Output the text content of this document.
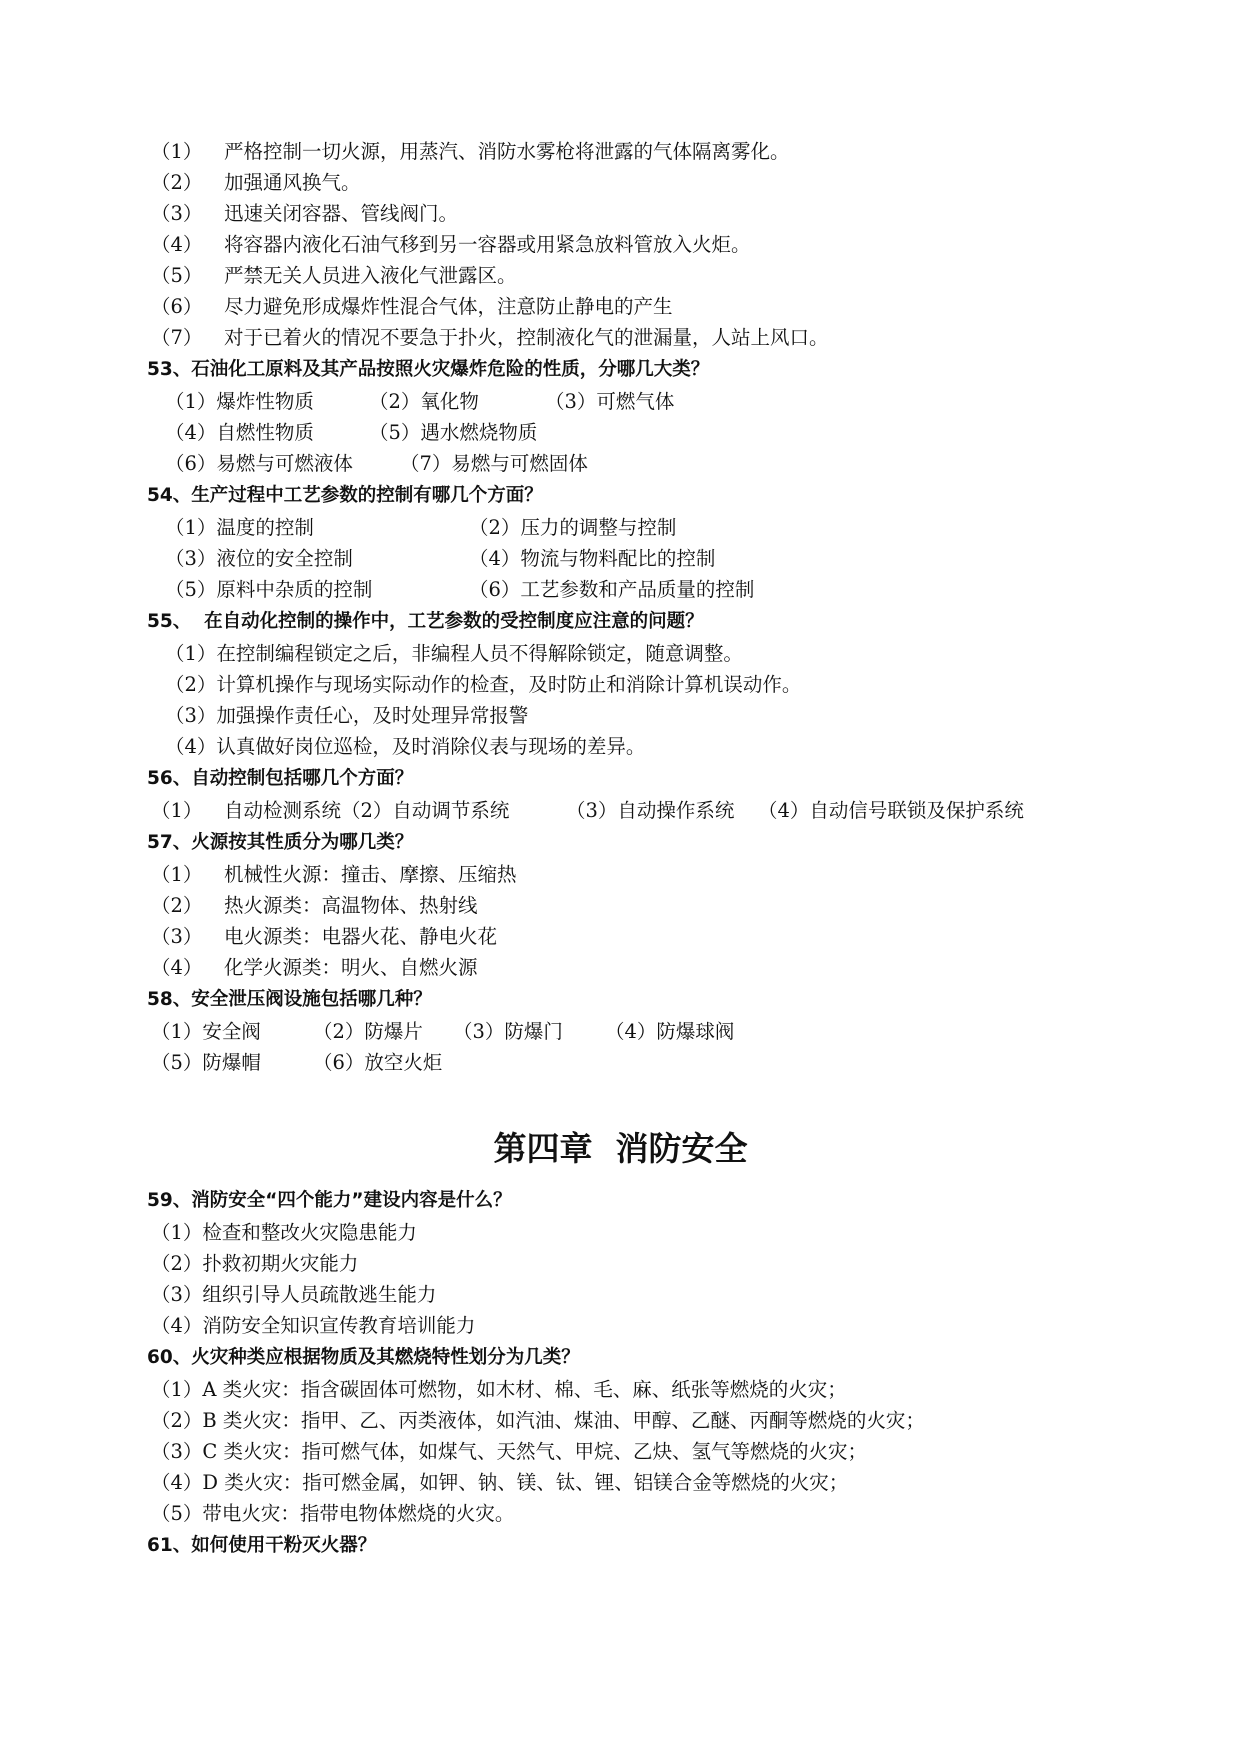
（1） 严格控制一切火源，用蒸汽、消防水雾枪将泄露的气体隔离雾化。
（2） 加强通风换气。
（3） 迅速关闭容器、管线阀门。
（4） 将容器内液化石油气移到另一容器或用紧急放料管放入火炬。
（5） 严禁无关人员进入液化气泄露区。
（6） 尽力避免形成爆炸性混合气体，注意防止静电的产生
（7） 对于已着火的情况不要急于扑火，控制液化气的泄漏量，人站上风口。
53、石油化工原料及其产品按照火灾爆炸危险的性质，分哪几大类？
（1）爆炸性物质	（2）氧化物	（3）可燃气体
（4）自燃性物质	（5）遇水燃烧物质
（6）易燃与可燃液体 （7）易燃与可燃固体
54、生产过程中工艺参数的控制有哪几个方面？
（1）温度的控制	（2）压力的调整与控制
（3）液位的安全控制	（4）物流与物料配比的控制
（5）原料中杂质的控制	（6）工艺参数和产品质量的控制
55、  在自动化控制的操作中，工艺参数的受控制度应注意的问题？
（1）在控制编程锁定之后，非编程人员不得解除锁定，随意调整。
（2）计算机操作与现场实际动作的检查，及时防止和消除计算机误动作。
（3）加强操作责任心，及时处理异常报警
（4）认真做好岗位巡检，及时消除仪表与现场的差异。
56、自动控制包括哪几个方面？
（1） 自动检测系统（2）自动调节系统	（3）自动操作系统 （4）自动信号联锁及保护系统
57、火源按其性质分为哪几类？
（1） 机械性火源：撞击、摩擦、压缩热
（2） 热火源类：高温物体、热射线
（3） 电火源类：电器火花、静电火花
（4） 化学火源类：明火、自燃火源
58、安全泄压阀设施包括哪几种？
（1）安全阀	（2）防爆片 （3）防爆门 （4）防爆球阀
（5）防爆帽	（6）放空火炬
第四章  消防安全
59、消防安全“四个能力”建设内容是什么？
（1）检查和整改火灾隐患能力
（2）扑救初期火灾能力
（3）组织引导人员疏散逃生能力
（4）消防安全知识宣传教育培训能力
60、火灾种类应根据物质及其燃烧特性划分为几类？
（1）A 类火灾：指含碳固体可燃物，如木材、棉、毛、麻、纸张等燃烧的火灾；
（2）B 类火灾：指甲、乙、丙类液体，如汽油、煤油、甲醇、乙醚、丙酮等燃烧的火灾；
（3）C 类火灾：指可燃气体，如煤气、天然气、甲烷、乙炔、氢气等燃烧的火灾；
（4）D 类火灾：指可燃金属，如钾、钠、镁、钛、锂、铝镁合金等燃烧的火灾；
（5）带电火灾：指带电物体燃烧的火灾。
61、如何使用干粉灭火器？
